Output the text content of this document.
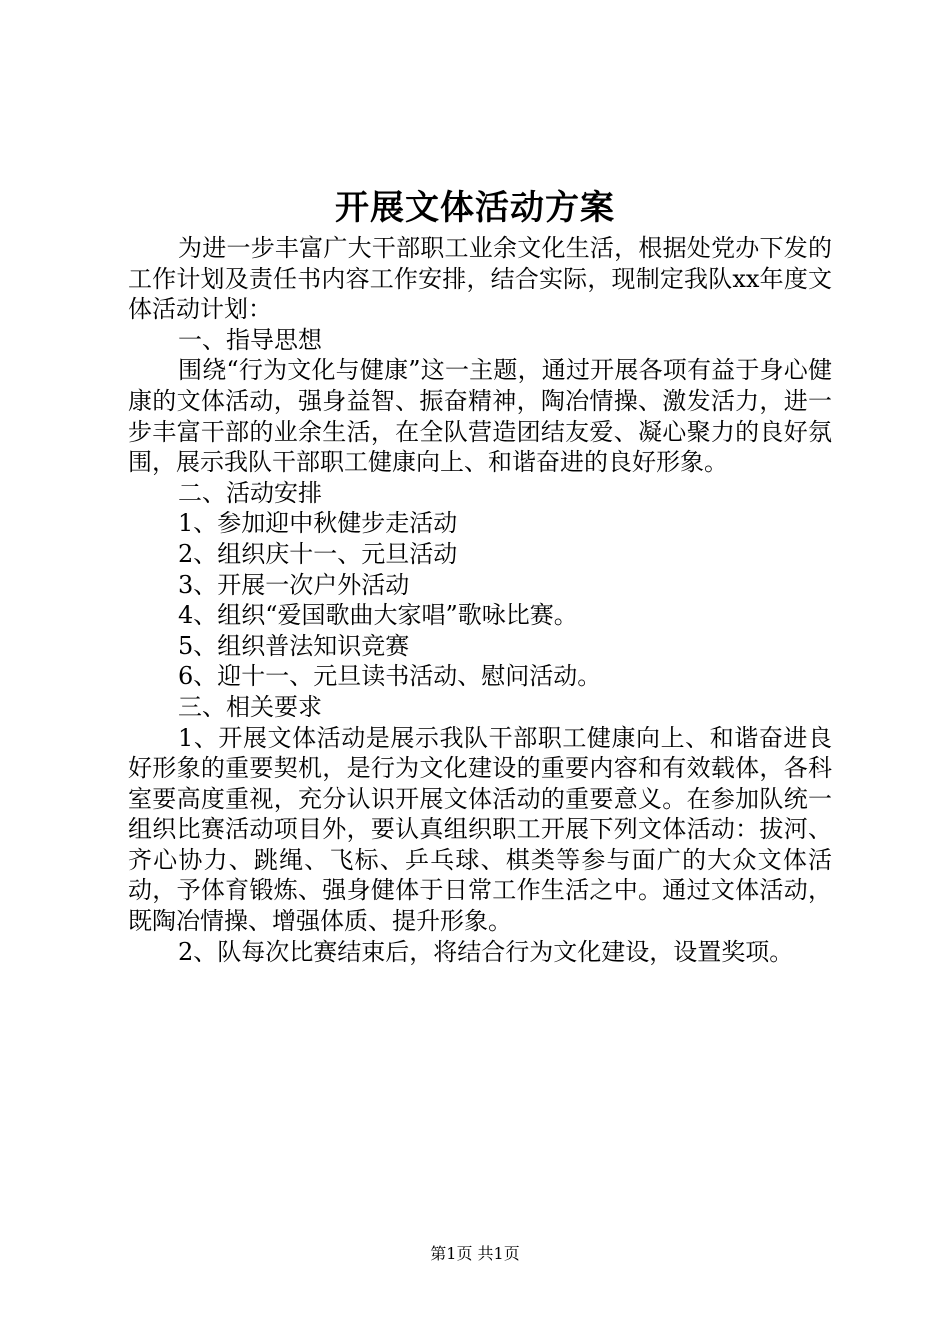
开展文体活动方案

为进一步丰富广大干部职工业余文化生活，根据处党办下发的工作计划及责任书内容工作安排，结合实际，现制定我队xx年度文体活动计划：

一、指导思想

围绕“行为文化与健康”这一主题，通过开展各项有益于身心健康的文体活动，强身益智、振奋精神，陶冶情操、激发活力，进一步丰富干部的业余生活，在全队营造团结友爱、凝心聚力的良好氛围，展示我队干部职工健康向上、和谐奋进的良好形象。

二、活动安排

1、参加迎中秋健步走活动

2、组织庆十一、元旦活动

3、开展一次户外活动

4、组织“爱国歌曲大家唱”歌咏比赛。

5、组织普法知识竞赛

6、迎十一、元旦读书活动、慰问活动。

三、相关要求

1、开展文体活动是展示我队干部职工健康向上、和谐奋进良好形象的重要契机，是行为文化建设的重要内容和有效载体，各科室要高度重视，充分认识开展文体活动的重要意义。在参加队统一组织比赛活动项目外，要认真组织职工开展下列文体活动：拔河、齐心协力、跳绳、飞标、乒乓球、棋类等参与面广的大众文体活动，予体育锻炼、强身健体于日常工作生活之中。通过文体活动，既陶冶情操、增强体质、提升形象。

2、队每次比赛结束后，将结合行为文化建设，设置奖项。

第1页 共1页
